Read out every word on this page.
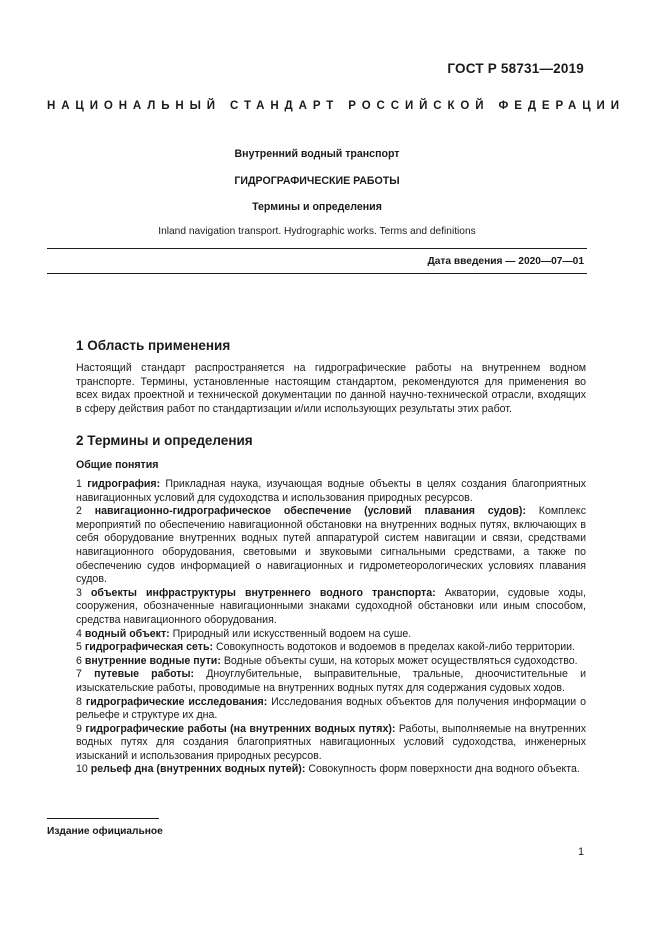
ГОСТ Р 58731—2019
НАЦИОНАЛЬНЫЙ СТАНДАРТ РОССИЙСКОЙ ФЕДЕРАЦИИ
Внутренний водный транспорт
ГИДРОГРАФИЧЕСКИЕ РАБОТЫ
Термины и определения
Inland navigation transport. Hydrographic works. Terms and definitions
Дата введения — 2020—07—01
1 Область применения

Настоящий стандарт распространяется на гидрографические работы на внутреннем водном транспорте. Термины, установленные настоящим стандартом, рекомендуются для применения во всех видах проектной и технической документации по данной научно-технической отрасли, входящих в сферу действия работ по стандартизации и/или использующих результаты этих работ.

2 Термины и определения
Общие понятия

1 гидрография: Прикладная наука, изучающая водные объекты в целях создания благоприятных навигационных условий для судоходства и использования природных ресурсов.

2 навигационно-гидрографическое обеспечение (условий плавания судов): Комплекс мероприятий по обеспечению навигационной обстановки на внутренних водных путях, включающих в себя оборудование внутренних водных путей аппаратурой систем навигации и связи, средствами навигационного оборудования, световыми и звуковыми сигнальными средствами, а также по обеспечению судов информацией о навигационных и гидрометеорологических условиях плавания судов.

3 объекты инфраструктуры внутреннего водного транспорта: Акватории, судовые ходы, сооружения, обозначенные навигационными знаками судоходной обстановки или иным способом, средства навигационного оборудования.

4 водный объект: Природный или искусственный водоем на суше.

5 гидрографическая сеть: Совокупность водотоков и водоемов в пределах какой-либо территории.

6 внутренние водные пути: Водные объекты суши, на которых может осуществляться судоходство.

7 путевые работы: Дноуглубительные, выправительные, тральные, дноочистительные и изыскательские работы, проводимые на внутренних водных путях для содержания судовых ходов.

8 гидрографические исследования: Исследования водных объектов для получения информации о рельефе и структуре их дна.

9 гидрографические работы (на внутренних водных путях): Работы, выполняемые на внутренних водных путях для создания благоприятных навигационных условий судоходства, инженерных изысканий и использования природных ресурсов.

10 рельеф дна (внутренних водных путей): Совокупность форм поверхности дна водного объекта.

Издание официальное
1
